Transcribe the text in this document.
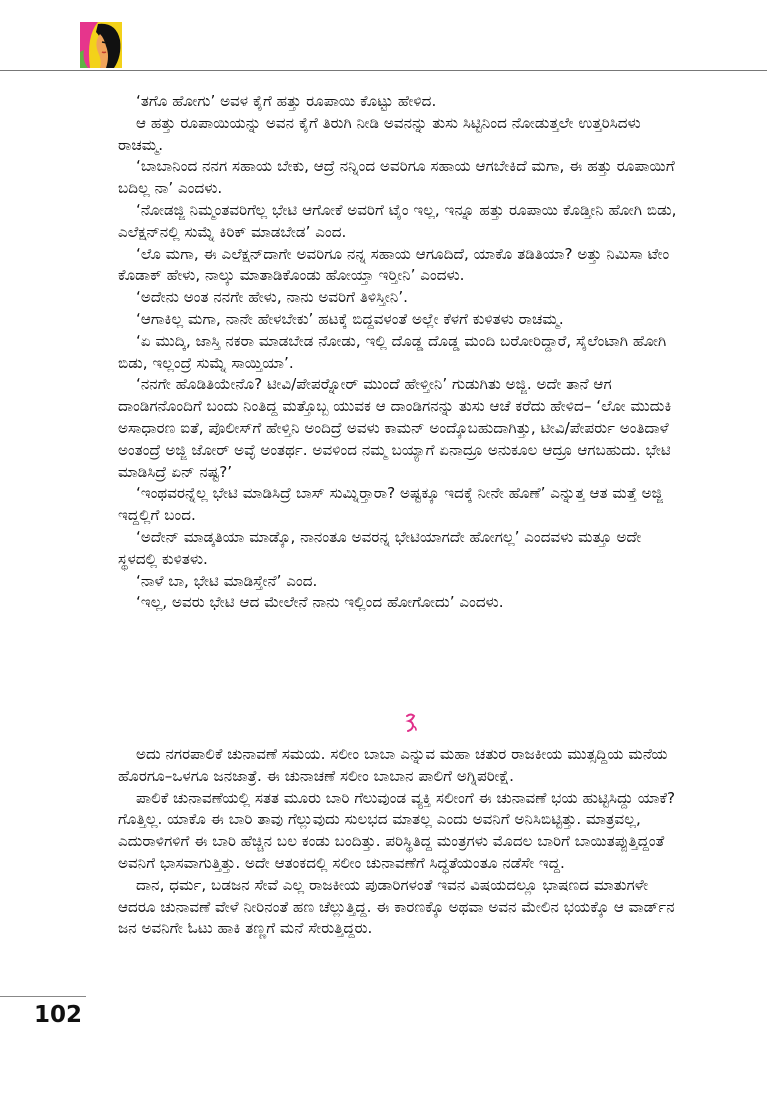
‘ತಗೊ ಹೋಗು’ ಅವಳ ಕೈಗೆ ಹತ್ತು ರೂಪಾಯಿ ಕೊಟ್ಟು ಹೇಳಿದ.

ಆ ಹತ್ತು ರೂಪಾಯಿಯನ್ನು ಅವನ ಕೈಗೆ ತಿರುಗಿ ನೀಡಿ ಅವನನ್ನು ತುಸು ಸಿಟ್ಟಿನಿಂದ ನೋಡುತ್ತಲೇ ಉತ್ತರಿಸಿದಳು ರಾಚಮ್ಮ.

‘ಬಾಬಾನಿಂದ ನನಗ ಸಹಾಯ ಬೇಕು, ಆದ್ರೆ ನನ್ನಿಂದ ಅವರಿಗೂ ಸಹಾಯ ಆಗಬೇಕಿದೆ ಮಗಾ, ಈ ಹತ್ತು ರೂಪಾಯಿಗೆ ಬದಿಲ್ಲ ನಾ’ ಎಂದಳು.

‘ನೋಡಜ್ಜಿ ನಿಮ್ಮಂತವರಿಗೆಲ್ಲ ಭೇಟಿ ಆಗೋಕೆ ಅವರಿಗೆ ಟೈಂ ಇಲ್ಲ, ಇನ್ನೂ ಹತ್ತು ರೂಪಾಯಿ ಕೊಡ್ತೀನಿ ಹೋಗಿ ಬಿಡು, ಎಲೆಕ್ಷನ್‌ನಲ್ಲಿ ಸುಮ್ನೆ ಕಿರಿಕ್ ಮಾಡಬೇಡ’ ಎಂದ.

‘ಲೊ ಮಗಾ, ಈ ಎಲೆಕ್ಷನ್‌ದಾಗೇ ಅವರಿಗೂ ನನ್ನ ಸಹಾಯ ಆಗೂದಿದೆ, ಯಾಕೊ ತಡಿತಿಯಾ? ಅತ್ತು ನಿಮಿಸಾ ಟೇಂ ಕೊಡಾಕ್ ಹೇಳು, ನಾಲ್ಕು ಮಾತಾಡಿಕೊಂಡು ಹೋಯ್ತಾ ಇರ್‍ತೀನಿ’ ಎಂದಳು.

‘ಅದೇನು ಅಂತ ನನಗೇ ಹೇಳು, ನಾನು ಅವರಿಗೆ ತಿಳಿಸ್ತೀನಿ’.

‘ಆಗಾಕಿಲ್ಲ ಮಗಾ, ನಾನೇ ಹೇಳಬೇಕು’ ಹಟಕ್ಕೆ ಬಿದ್ದವಳಂತೆ ಅಲ್ಲೇ ಕೆಳಗೆ ಕುಳಿತಳು ರಾಚಮ್ಮ.

‘ಏ ಮುದ್ಕಿ, ಜಾಸ್ತಿ ನಕರಾ ಮಾಡಬೇಡ ನೋಡು, ಇಲ್ಲಿ ದೊಡ್ಡ ದೊಡ್ಡ ಮಂದಿ ಬರೋರಿದ್ದಾರೆ, ಸೈಲೆಂಟಾಗಿ ಹೋಗಿ ಬಿಡು, ಇಲ್ಲಂದ್ರೆ ಸುಮ್ನೆ ಸಾಯ್ತಿಯಾ’.

‘ನನಗೇ ಹೊಡಿತಿಯೇನೊ? ಟೀವಿ/ಪೇಪರ್‍ನೋರ್ ಮುಂದೆ ಹೇಳ್ತೀನಿ’ ಗುಡುಗಿತು ಅಜ್ಜಿ. ಅದೇ ತಾನೆ ಆಗ ದಾಂಡಿಗನೊಂದಿಗೆ ಬಂದು ನಿಂತಿದ್ದ ಮತ್ತೊಬ್ಬ ಯುವಕ ಆ ದಾಂಡಿಗನನ್ನು ತುಸು ಆಚೆ ಕರೆದು ಹೇಳಿದ– ‘ಲೋ ಮುದುಕಿ ಅಸಾಧಾರಣ ಐತೆ, ಪೊಲೀಸ್‌ಗೆ ಹೇಳ್ತಿನಿ ಅಂದಿದ್ರೆ ಅವಳು ಕಾಮನ್ ಅಂದ್ಕೊಬಹುದಾಗಿತ್ತು, ಟೀವಿ/ಪೇಪರ್ರು ಅಂತಿದಾಳೆ ಅಂತಂದ್ರೆ ಅಜ್ಜಿ ಜೋರ್ ಅವ್ಳೆ ಅಂತರ್ಥ. ಅವಳಿಂದ ನಮ್ಮ ಬಯ್ಯಾಗೆ ಏನಾದ್ರೂ ಅನುಕೂಲ ಆದ್ರೂ ಆಗಬಹುದು. ಭೇಟಿ ಮಾಡಿಸಿದ್ರೆ ಏನ್ ನಷ್ಟ?’

‘ಇಂಥವರನ್ನೆಲ್ಲ ಭೇಟಿ ಮಾಡಿಸಿದ್ರೆ ಬಾಸ್ ಸುಮ್ನಿರ್‍ತಾರಾ? ಅಷ್ಟಕ್ಕೂ ಇದಕ್ಕೆ ನೀನೇ ಹೊಣೆ’ ಎನ್ನುತ್ತ ಆತ ಮತ್ತೆ ಅಜ್ಜಿ ಇದ್ದಲ್ಲಿಗೆ ಬಂದ.

‘ಅದೇನ್ ಮಾಡ್ಕತಿಯಾ ಮಾಡ್ಕೊ, ನಾನಂತೂ ಅವರನ್ನ ಭೇಟಿಯಾಗದೇ ಹೋಗಲ್ಲ’ ಎಂದವಳು ಮತ್ತೂ ಅದೇ ಸ್ಥಳದಲ್ಲಿ ಕುಳಿತಳು.

‘ನಾಳೆ ಬಾ, ಭೇಟಿ ಮಾಡಿಸ್ತೇನೆ’ ಎಂದ.

‘ಇಲ್ಲ, ಅವರು ಭೇಟಿ ಆದ ಮೇಲೇನೆ ನಾನು ಇಲ್ಲಿಂದ ಹೋಗೋದು’ ಎಂದಳು.

ಅದು ನಗರಪಾಲಿಕೆ ಚುನಾವಣೆ ಸಮಯ. ಸಲೀಂ ಬಾಬಾ ಎನ್ನುವ ಮಹಾ ಚತುರ ರಾಜಕೀಯ ಮುತ್ಸದ್ದಿಯ ಮನೆಯ ಹೊರಗೂ–ಒಳಗೂ ಜನಜಾತ್ರೆ. ಈ ಚುನಾಚಣೆ ಸಲೀಂ ಬಾಬಾನ ಪಾಲಿಗೆ ಅಗ್ನಿಪರೀಕ್ಷೆ.

ಪಾಲಿಕೆ ಚುನಾವಣೆಯಲ್ಲಿ ಸತತ ಮೂರು ಬಾರಿ ಗೆಲುವುಂಡ ವ್ಯಕ್ತಿ ಸಲೀಂಗೆ ಈ ಚುನಾವಣೆ ಭಯ ಹುಟ್ಟಿಸಿದ್ದು ಯಾಕೆ? ಗೊತ್ತಿಲ್ಲ. ಯಾಕೊ ಈ ಬಾರಿ ತಾವು ಗೆಲ್ಲುವುದು ಸುಲಭದ ಮಾತಲ್ಲ ಎಂದು ಅವನಿಗೆ ಅನಿಸಿಬಿಟ್ಟಿತ್ತು. ಮಾತ್ರವಲ್ಲ, ಎದುರಾಳಿಗಳಿಗೆ ಈ ಬಾರಿ ಹೆಚ್ಚಿನ ಬಲ ಕಂಡು ಬಂದಿತ್ತು. ಪರಿಸ್ಥಿತಿದ್ದ ಮಂತ್ರಗಳು ಮೊದಲ ಬಾರಿಗೆ ಬಾಯಿತಪ್ಪುತ್ತಿದ್ದಂತೆ ಅವನಿಗೆ ಭಾಸವಾಗುತ್ತಿತ್ತು. ಅದೇ ಆತಂಕದಲ್ಲಿ ಸಲೀಂ ಚುನಾವಣೆಗೆ ಸಿದ್ಧತೆಯಂತೂ ನಡೆಸೇ ಇದ್ದ.

ದಾನ, ಧರ್ಮ, ಬಡಜನ ಸೇವೆ ಎಲ್ಲ ರಾಜಕೀಯ ಪುಡಾರಿಗಳಂತೆ ಇವನ ವಿಷಯದಲ್ಲೂ ಭಾಷಣದ ಮಾತುಗಳೇ ಆದರೂ ಚುನಾವಣೆ ವೇಳೆ ನೀರಿನಂತೆ ಹಣ ಚೆಲ್ಲುತ್ತಿದ್ದ. ಈ ಕಾರಣಕ್ಕೊ ಅಥವಾ ಅವನ ಮೇಲಿನ ಭಯಕ್ಕೊ ಆ ವಾರ್ಡ್‌ನ ಜನ ಅವನಿಗೇ ಓಟು ಹಾಕಿ ತಣ್ಣಗೆ ಮನೆ ಸೇರುತ್ತಿದ್ದರು.

102
